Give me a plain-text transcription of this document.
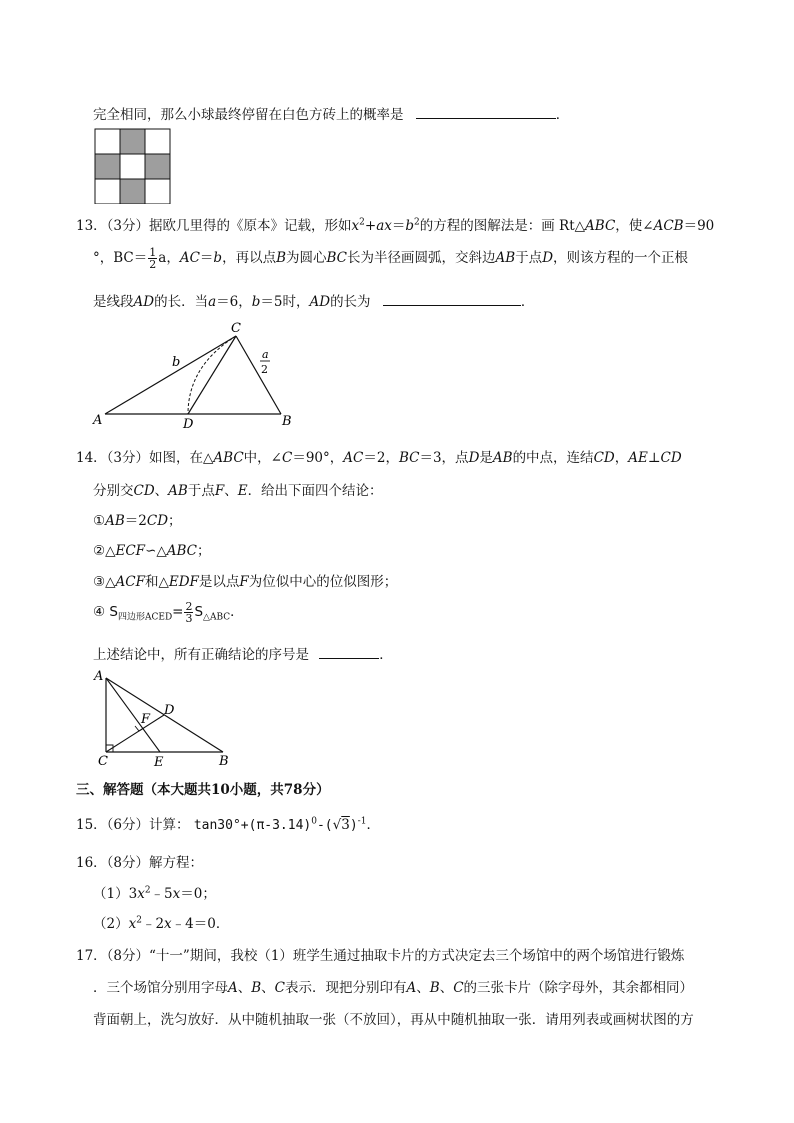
完全相同，那么小球最终停留在白色方砖上的概率是	．
13．（3分）据欧几里得的《原本》记载，形如$x^2+ax=b^2$的方程的图解法是：画 Rt△ABC，使∠ACB＝90
°，$BC= \frac{1}{2}$ a，AC＝b，再以点B为圆心BC长为半径画圆弧，交斜边AB于点D，则该方程的一个正根
是线段AD的长．当a＝6，b＝5时，AD的长为	．
A
C
D	B
b
a
2
14．（3分）如图，在△ABC中，∠C＝90°，AC＝2，BC＝3，点D是AB的中点，连结CD，AE⊥CD
分别交CD、AB于点F、E．给出下面四个结论：
①AB＝2CD；
②△ECF∽△ABC；
③△ACF和△EDF是以点F为位似中心的位似图形；
④ $S_{四边形ACED}= \frac{2}{3} S_{\triangle ABC}$．
上述结论中，所有正确结论的序号是	．
A
C	B
D
E
F
三、解答题（本大题共10小题，共78分）
15．（6分）计算： $\tan 30^\circ+(\pi-3.14)^0-(√3)^{-1}$．
16．（8分）解方程：
$(1)3x^2﹣5x=0$；
$(2)x^2﹣2x﹣4=0$．
17．（8分）“十一”期间，我校（1）班学生通过抽取卡片的方式决定去三个场馆中的两个场馆进行锻炼
．三个场馆分别用字母A、B、C表示．现把分别印有A、B、C的三张卡片（除字母外，其余都相同）
背面朝上，洗匀放好．从中随机抽取一张（不放回），再从中随机抽取一张．请用列表或画树状图的方
